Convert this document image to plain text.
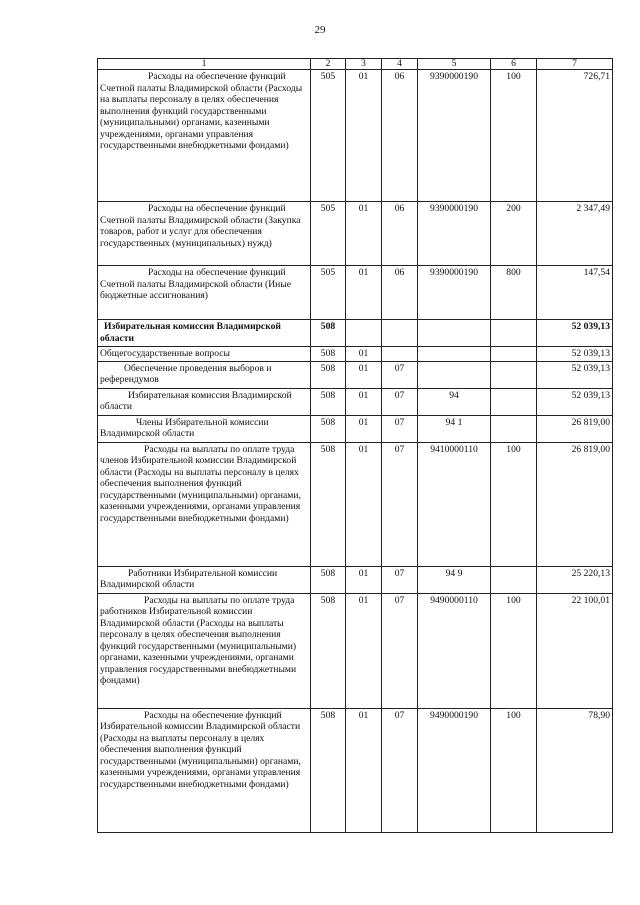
29
1	2	3	4	5	6	7
Расходы на обеспечение функций Счетной палаты Владимирской области (Расходы на выплаты персоналу в целях обеспечения выполнения функций государственными (муниципальными) органами, казенными учреждениями, органами управления государственными внебюджетными фондами)	505	01	06	9390000190	100	726,71
Расходы на обеспечение функций Счетной палаты Владимирской области (Закупка товаров, работ и услуг для обеспечения государственных (муниципальных) нужд)	505	01	06	9390000190	200	2 347,49
Расходы на обеспечение функций Счетной палаты Владимирской области (Иные бюджетные ассигнования)	505	01	06	9390000190	800	147,54
Избирательная комиссия Владимирской области	508					52 039,13
Общегосударственные вопросы	508	01				52 039,13
Обеспечение проведения выборов и референдумов	508	01	07			52 039,13
Избирательная комиссия Владимирской области	508	01	07	94		52 039,13
Члены Избирательной комиссии Владимирской области	508	01	07	94 1		26 819,00
Расходы на выплаты по оплате труда членов Избирательной комиссии Владимирской области (Расходы на выплаты персоналу в целях обеспечения выполнения функций государственными (муниципальными) органами, казенными учреждениями, органами управления государственными внебюджетными фондами)	508	01	07	9410000110	100	26 819,00
Работники Избирательной комиссии Владимирской области	508	01	07	94 9		25 220,13
Расходы на выплаты по оплате труда работников Избирательной комиссии Владимирской области (Расходы на выплаты персоналу в целях обеспечения выполнения функций государственными (муниципальными) органами, казенными учреждениями, органами управления государственными внебюджетными фондами)	508	01	07	9490000110	100	22 100,01
Расходы на обеспечение функций Избирательной комиссии Владимирской области (Расходы на выплаты персоналу в целях обеспечения выполнения функций государственными (муниципальными) органами, казенными учреждениями, органами управления государственными внебюджетными фондами)	508	01	07	9490000190	100	78,90
